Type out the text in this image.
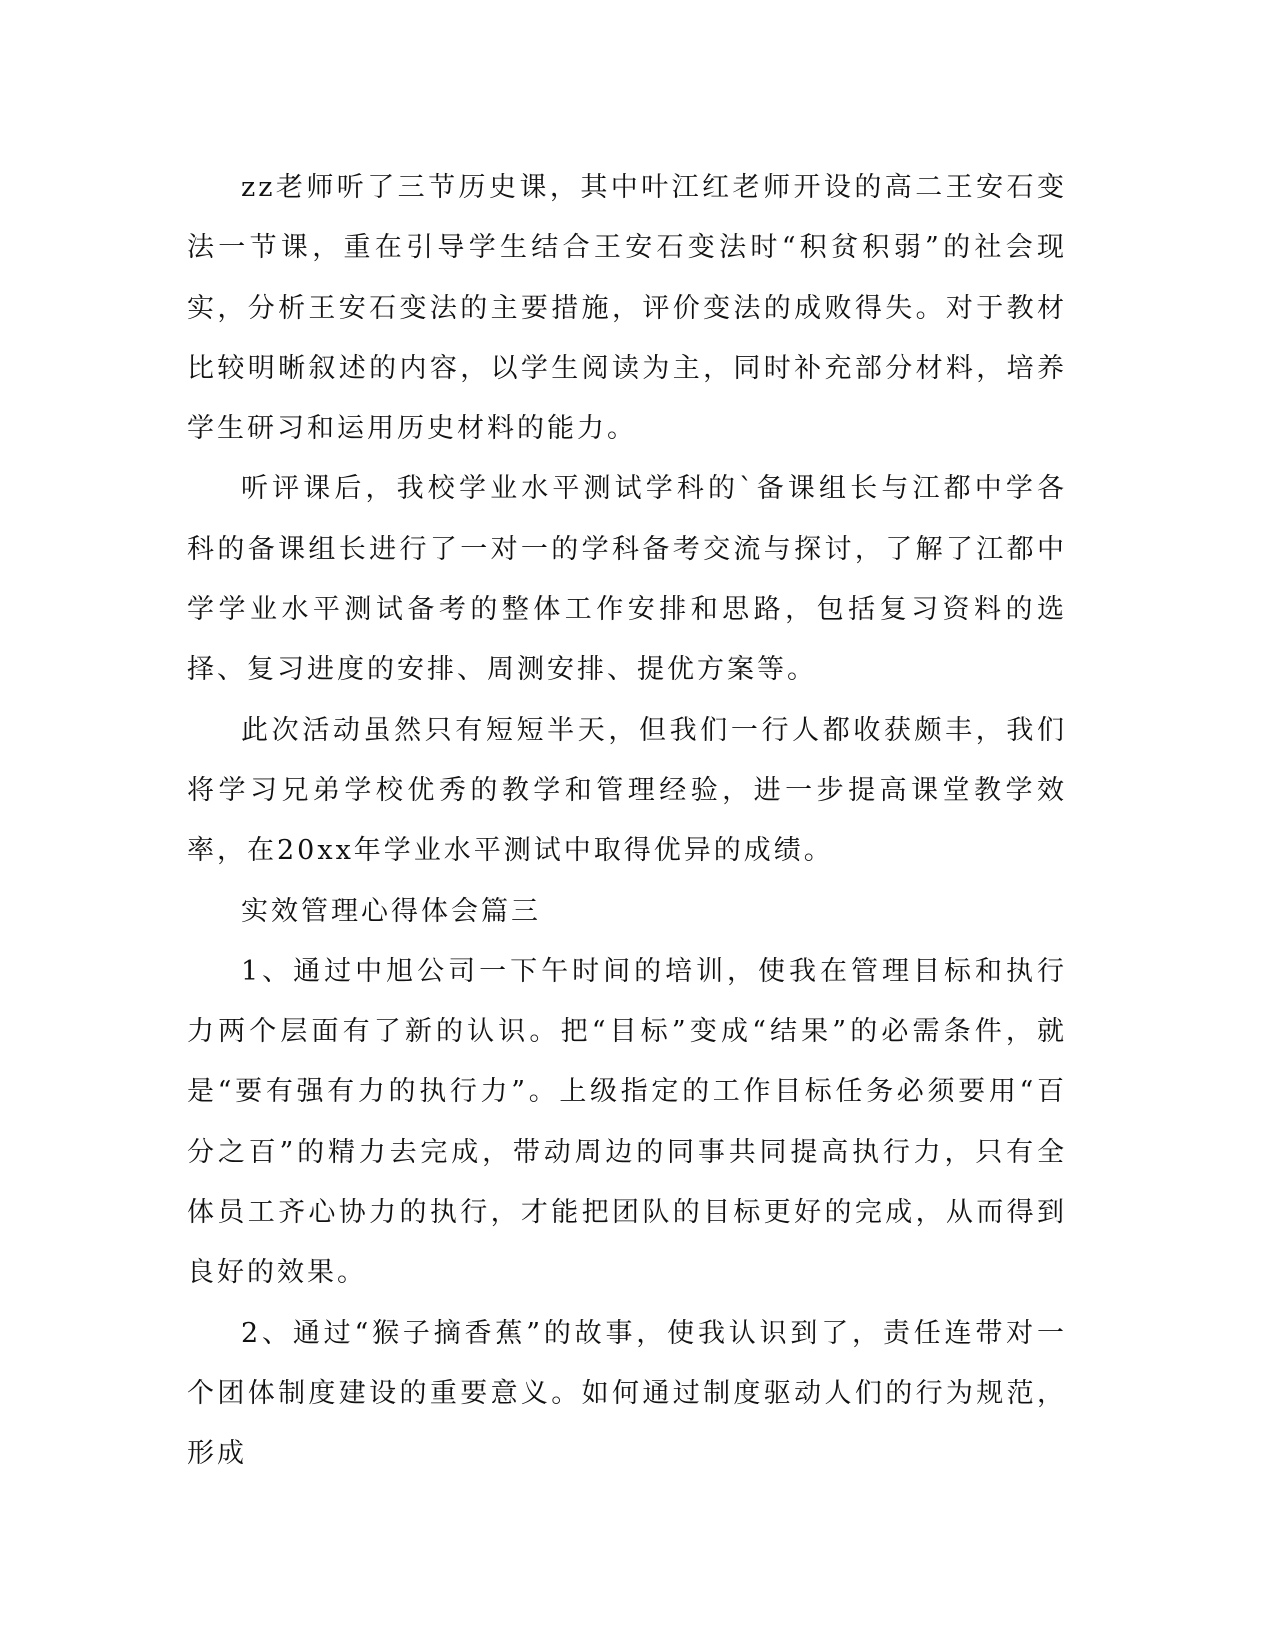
zz老师听了三节历史课，其中叶江红老师开设的高二王安石变法一节课，重在引导学生结合王安石变法时“积贫积弱”的社会现实，分析王安石变法的主要措施，评价变法的成败得失。对于教材比较明晰叙述的内容，以学生阅读为主，同时补充部分材料，培养学生研习和运用历史材料的能力。

听评课后，我校学业水平测试学科的`备课组长与江都中学各科的备课组长进行了一对一的学科备考交流与探讨，了解了江都中学学业水平测试备考的整体工作安排和思路，包括复习资料的选择、复习进度的安排、周测安排、提优方案等。

此次活动虽然只有短短半天，但我们一行人都收获颇丰，我们将学习兄弟学校优秀的教学和管理经验，进一步提高课堂教学效率，在20xx年学业水平测试中取得优异的成绩。

实效管理心得体会篇三

1、通过中旭公司一下午时间的培训，使我在管理目标和执行力两个层面有了新的认识。把“目标”变成“结果”的必需条件，就是“要有强有力的执行力”。上级指定的工作目标任务必须要用“百分之百”的精力去完成，带动周边的同事共同提高执行力，只有全体员工齐心协力的执行，才能把团队的目标更好的完成，从而得到良好的效果。

2、通过“猴子摘香蕉”的故事，使我认识到了，责任连带对一个团体制度建设的重要意义。如何通过制度驱动人们的行为规范，形成
